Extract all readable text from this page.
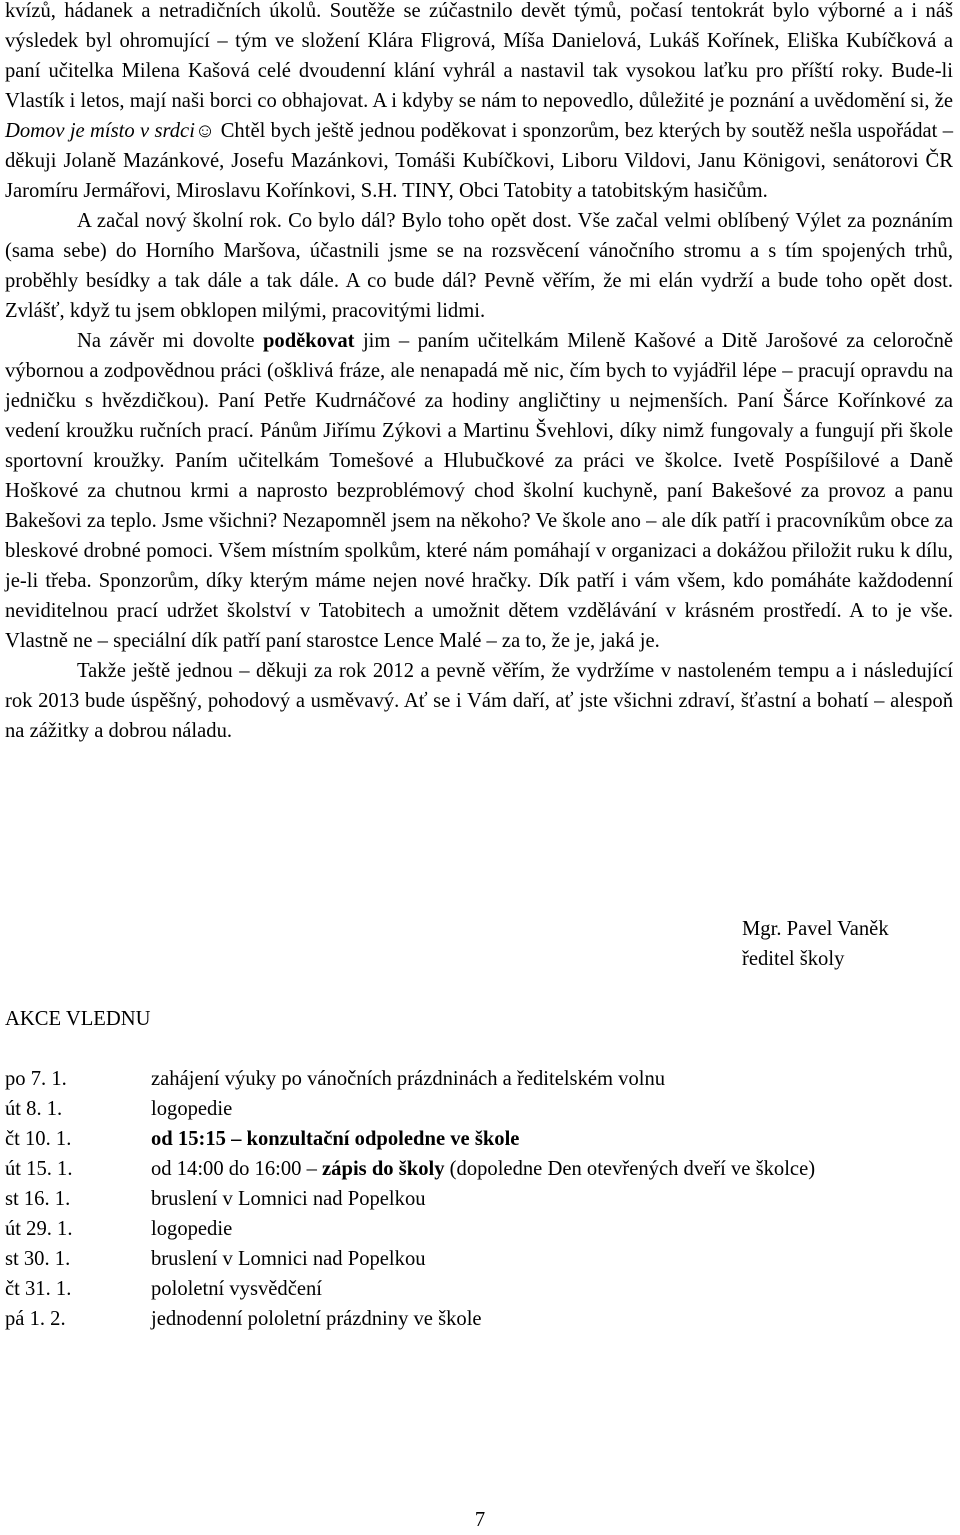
kvízů, hádanek a netradičních úkolů. Soutěže se zúčastnilo devět týmů, počasí tentokrát bylo výborné a i náš výsledek byl ohromující – tým ve složení Klára Fligrová, Míša Danielová, Lukáš Kořínek, Eliška Kubíčková a paní učitelka Milena Kašová celé dvoudenní klání vyhrál a nastavil tak vysokou laťku pro příští roky. Bude-li Vlastík i letos, mají naši borci co obhajovat. A i kdyby se nám to nepovedlo, důležité je poznání a uvědomění si, že Domov je místo v srdci☺ Chtěl bych ještě jednou poděkovat i sponzorům, bez kterých by soutěž nešla uspořádat – děkuji Jolaně Mazánkové, Josefu Mazánkovi, Tomáši Kubíčkovi, Liboru Vildovi, Janu Königovi, senátorovi ČR Jaromíru Jermářovi, Miroslavu Kořínkovi, S.H. TINY, Obci Tatobity a tatobitským hasičům.

A začal nový školní rok. Co bylo dál? Bylo toho opět dost. Vše začal velmi oblíbený Výlet za poznáním (sama sebe) do Horního Maršova, účastnili jsme se na rozsvěcení vánočního stromu a s tím spojených trhů, proběhly besídky a tak dále a tak dále. A co bude dál? Pevně věřím, že mi elán vydrží a bude toho opět dost. Zvlášť, když tu jsem obklopen milými, pracovitými lidmi.

Na závěr mi dovolte poděkovat jim – paním učitelkám Mileně Kašové a Ditě Jarošové za celoročně výbornou a zodpovědnou práci (ošklivá fráze, ale nenapadá mě nic, čím bych to vyjádřil lépe – pracují opravdu na jedničku s hvězdičkou). Paní Petře Kudrnáčové za hodiny angličtiny u nejmenších. Paní Šárce Kořínkové za vedení kroužku ručních prací. Pánům Jiřímu Zýkovi a Martinu Švehlovi, díky nimž fungovaly a fungují při škole sportovní kroužky. Paním učitelkám Tomešové a Hlubučkové za práci ve školce. Ivetě Pospíšilové a Daně Hoškové za chutnou krmi a naprosto bezproblémový chod školní kuchyně, paní Bakešové za provoz a panu Bakešovi za teplo. Jsme všichni? Nezapomněl jsem na někoho? Ve škole ano – ale dík patří i pracovníkům obce za bleskové drobné pomoci. Všem místním spolkům, které nám pomáhají v organizaci a dokážou přiložit ruku k dílu, je-li třeba. Sponzorům, díky kterým máme nejen nové hračky. Dík patří i vám všem, kdo pomáháte každodenní neviditelnou prací udržet školství v Tatobitech a umožnit dětem vzdělávání v krásném prostředí. A to je vše. Vlastně ne – speciální dík patří paní starostce Lence Malé – za to, že je, jaká je.

Takže ještě jednou – děkuji za rok 2012 a pevně věřím, že vydržíme v nastoleném tempu a i následující rok 2013 bude úspěšný, pohodový a usměvavý. Ať se i Vám daří, ať jste všichni zdraví, šťastní a bohatí – alespoň na zážitky a dobrou náladu.

Mgr. Pavel Vaněk
ředitel školy
AKCE VLEDNU
po 7. 1.	zahájení výuky po vánočních prázdninách a ředitelském volnu
út 8. 1.	logopedie
čt 10. 1.	od 15:15 – konzultační odpoledne ve škole
út 15. 1.	od 14:00 do 16:00 – zápis do školy (dopoledne Den otevřených dveří ve školce)
st 16. 1.	bruslení v Lomnici nad Popelkou
út 29. 1.	logopedie
st 30. 1.	bruslení v Lomnici nad Popelkou
čt 31. 1.	pololetní vysvědčení
pá 1. 2.	jednodenní pololetní prázdniny ve škole
7
